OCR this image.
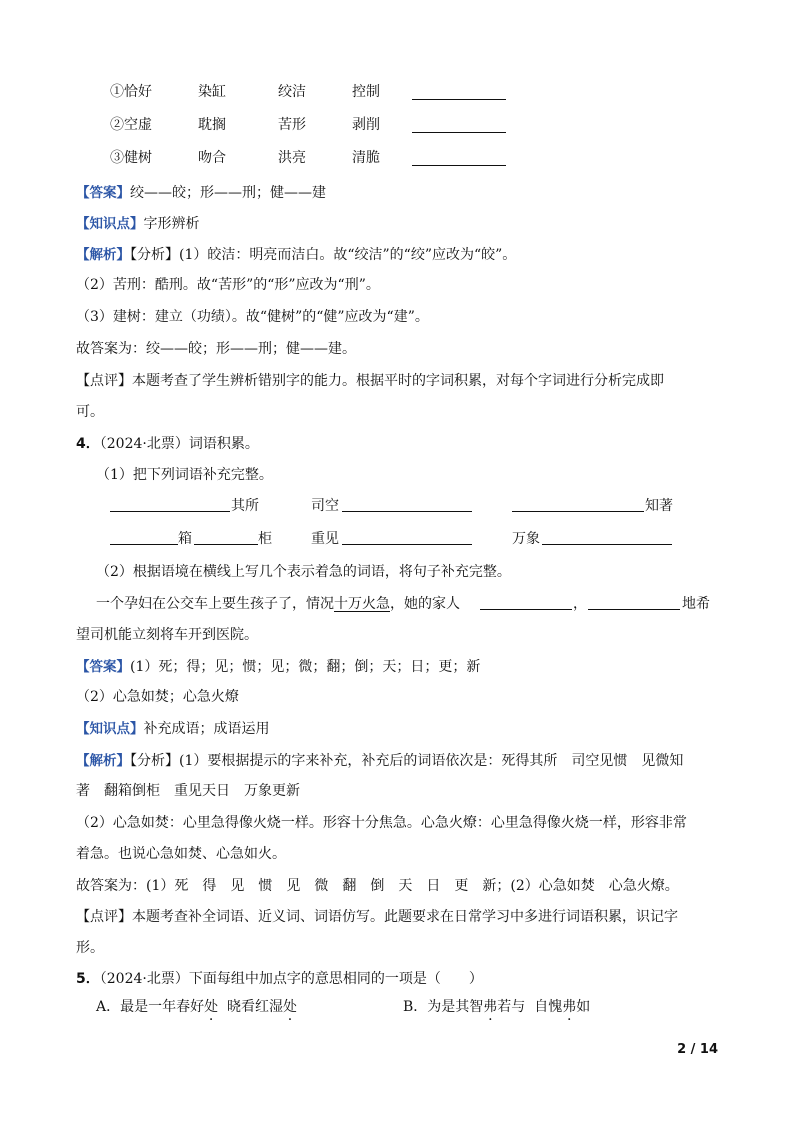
①恰好	染缸	绞洁	控制
②空虚	耽搁	苦形	剥削
③健树	吻合	洪亮	清脆
【答案】绞——皎；形——刑；健——建
【知识点】字形辨析
【解析】【分析】(1）皎洁：明亮而洁白。故“绞洁”的“绞”应改为“皎”。
（2）苦刑：酷刑。故“苦形”的“形”应改为“刑”。
（3）建树：建立（功绩）。故“健树”的“健”应改为“建”。
故答案为：绞——皎；形——刑；健——建。
【点评】本题考查了学生辨析错别字的能力。根据平时的字词积累，对每个字词进行分析完成即
可。
4．（2024·北票）词语积累。
（1）把下列词语补充完整。
其所	司空	知著
箱	柜	重见	万象
（2）根据语境在横线上写几个表示着急的词语，将句子补充完整。
一个孕妇在公交车上要生孩子了，情况十万火急，她的家人	，	地希
望司机能立刻将车开到医院。
【答案】(1）死；得；见；惯；见；微；翻；倒；天；日；更；新
（2）心急如焚；心急火燎
【知识点】补充成语；成语运用
【解析】【分析】(1）要根据提示的字来补充，补充后的词语依次是：死得其所　司空见惯　见微知
著　翻箱倒柜　重见天日　万象更新
（2）心急如焚：心里急得像火烧一样。形容十分焦急。心急火燎：心里急得像火烧一样，形容非常
着急。也说心急如焚、心急如火。
故答案为：(1）死　得　见　惯　见　微　翻　倒　天　日　更　新；(2）心急如焚　心急火燎。
【点评】本题考查补全词语、近义词、词语仿写。此题要求在日常学习中多进行词语积累，识记字
形。
5．（2024·北票）下面每组中加点字的意思相同的一项是（　　）
A．最是一年春好处  晓看红湿处	B．为是其智弗若与  自愧弗如
2 / 14
